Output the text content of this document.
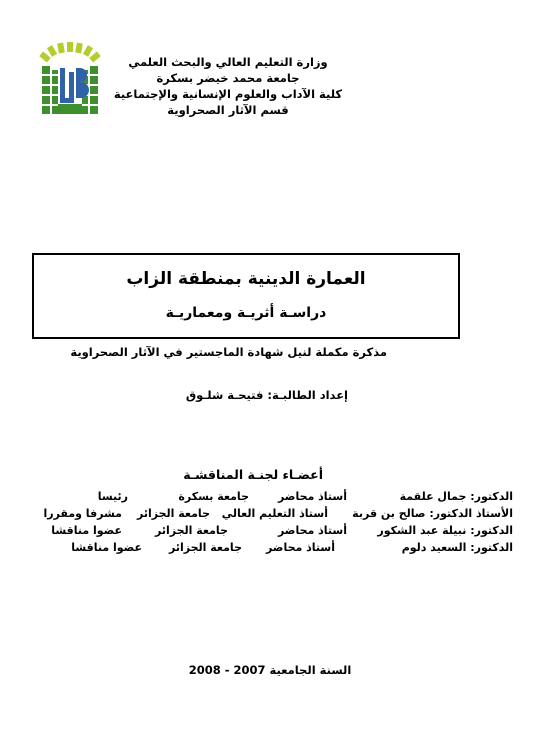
وزارة التعليم العالي والبحث العلمي
جامعة محمد خيضر بسكرة
كلية الآداب والعلوم الإنسانية والإجتماعية
قسم الآثار الصحراوية
العمارة الدينية بمنطقة الزاب
دراسـة أثريـة ومعماريـة
مذكرة مكملة لنيل شهادة الماجستير في الآثار الصحراوية
إعداد الطالبـة: فتيحـة شلـوق
أعضـاء لجنـة المناقشـة
الدكتور: جمال علقمة
أستاذ محاضر
جامعة بسكرة
رئيسا
الأستاذ الدكتور: صالح بن قربة
أستاذ التعليم العالي
جامعة الجزائر
مشرفا ومقررا
الدكتور: نبيلة عبد الشكور
أستاذ محاضر
جامعة الجزائر
عضوا مناقشا
الدكتور: السعيد دلوم
أستاذ محاضر
جامعة الجزائر
عضوا مناقشا
السنة الجامعية 2007 - 2008
